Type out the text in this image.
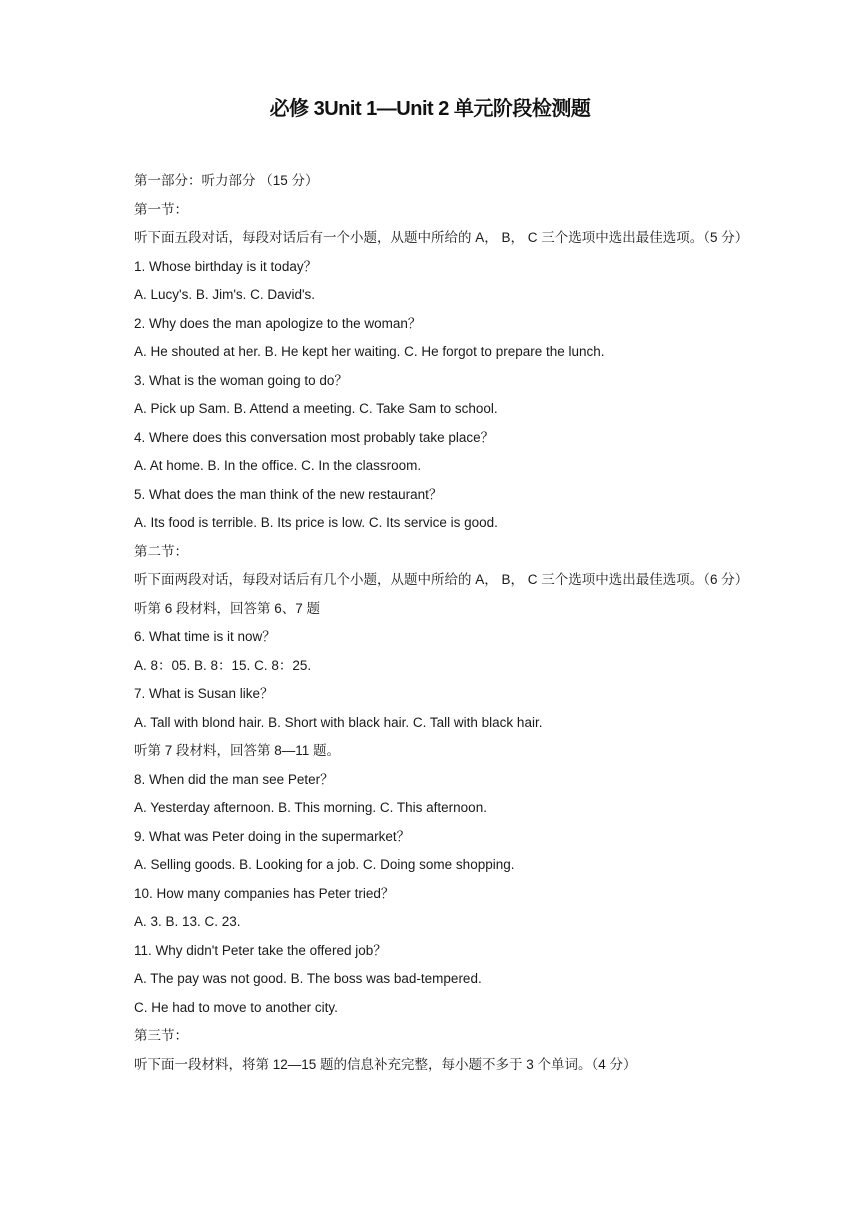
必修 3Unit 1—Unit 2 单元阶段检测题
第一部分：听力部分 （15 分）
第一节：
听下面五段对话，每段对话后有一个小题，从题中所给的 A， B， C 三个选项中选出最佳选项。（5 分）
1. Whose birthday is it today？
A. Lucy's. B. Jim's. C. David's.
2. Why does the man apologize to the woman？
A. He shouted at her. B. He kept her waiting. C. He forgot to prepare the lunch.
3. What is the woman going to do？
A. Pick up Sam. B. Attend a meeting. C. Take Sam to school.
4. Where does this conversation most probably take place？
A. At home. B. In the office. C. In the classroom.
5. What does the man think of the new restaurant？
A. Its food is terrible. B. Its price is low. C. Its service is good.
第二节：
听下面两段对话，每段对话后有几个小题，从题中所给的 A， B， C 三个选项中选出最佳选项。（6 分）
听第 6 段材料，回答第 6、7 题
6. What time is it now？
A. 8：05. B. 8：15. C. 8：25.
7. What is Susan like？
A. Tall with blond hair. B. Short with black hair. C. Tall with black hair.
听第 7 段材料，回答第 8—11 题。
8. When did the man see Peter？
A. Yesterday afternoon. B. This morning. C. This afternoon.
9. What was Peter doing in the supermarket？
A. Selling goods. B. Looking for a job. C. Doing some shopping.
10. How many companies has Peter tried？
A. 3. B. 13. C. 23.
11. Why didn't Peter take the offered job？
A. The pay was not good. B. The boss was bad-tempered.
C. He had to move to another city.
第三节：
听下面一段材料，将第 12—15 题的信息补充完整，每小题不多于 3 个单词。（4 分）
